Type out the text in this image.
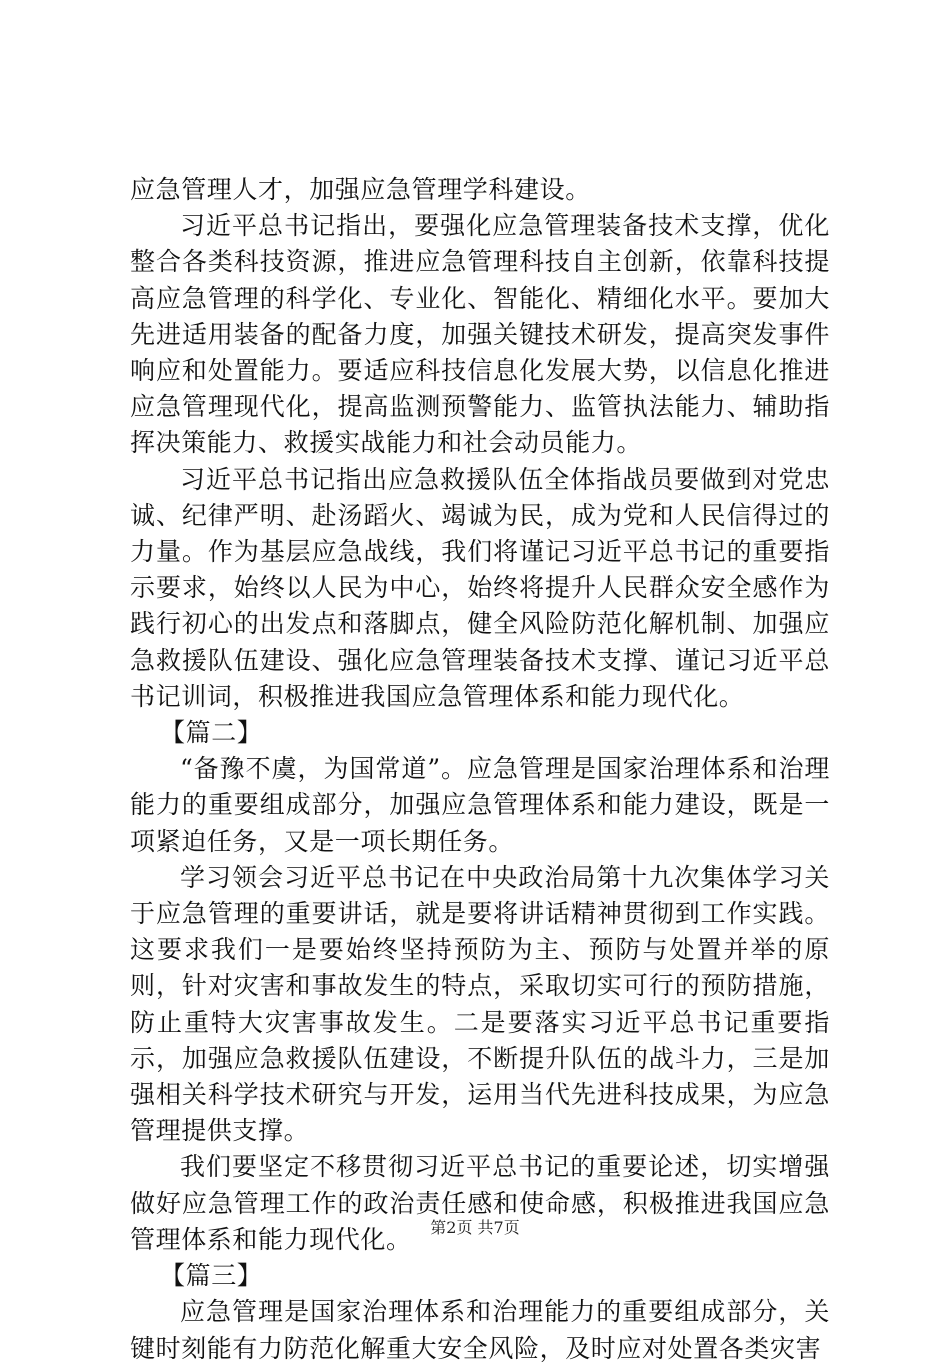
应急管理人才，加强应急管理学科建设。

习近平总书记指出，要强化应急管理装备技术支撑，优化整合各类科技资源，推进应急管理科技自主创新，依靠科技提高应急管理的科学化、专业化、智能化、精细化水平。要加大先进适用装备的配备力度，加强关键技术研发，提高突发事件响应和处置能力。要适应科技信息化发展大势，以信息化推进应急管理现代化，提高监测预警能力、监管执法能力、辅助指挥决策能力、救援实战能力和社会动员能力。

习近平总书记指出应急救援队伍全体指战员要做到对党忠诚、纪律严明、赴汤蹈火、竭诚为民，成为党和人民信得过的力量。作为基层应急战线，我们将谨记习近平总书记的重要指示要求，始终以人民为中心，始终将提升人民群众安全感作为践行初心的出发点和落脚点，健全风险防范化解机制、加强应急救援队伍建设、强化应急管理装备技术支撑、谨记习近平总书记训词，积极推进我国应急管理体系和能力现代化。

【篇二】

“备豫不虞，为国常道”。应急管理是国家治理体系和治理能力的重要组成部分，加强应急管理体系和能力建设，既是一项紧迫任务，又是一项长期任务。

学习领会习近平总书记在中央政治局第十九次集体学习关于应急管理的重要讲话，就是要将讲话精神贯彻到工作实践。这要求我们一是要始终坚持预防为主、预防与处置并举的原则，针对灾害和事故发生的特点，采取切实可行的预防措施，防止重特大灾害事故发生。二是要落实习近平总书记重要指示，加强应急救援队伍建设，不断提升队伍的战斗力，三是加强相关科学技术研究与开发，运用当代先进科技成果，为应急管理提供支撑。

我们要坚定不移贯彻习近平总书记的重要论述，切实增强做好应急管理工作的政治责任感和使命感，积极推进我国应急管理体系和能力现代化。

【篇三】

应急管理是国家治理体系和治理能力的重要组成部分，关键时刻能有力防范化解重大安全风险，及时应对处置各类灾害

第2页 共7页
